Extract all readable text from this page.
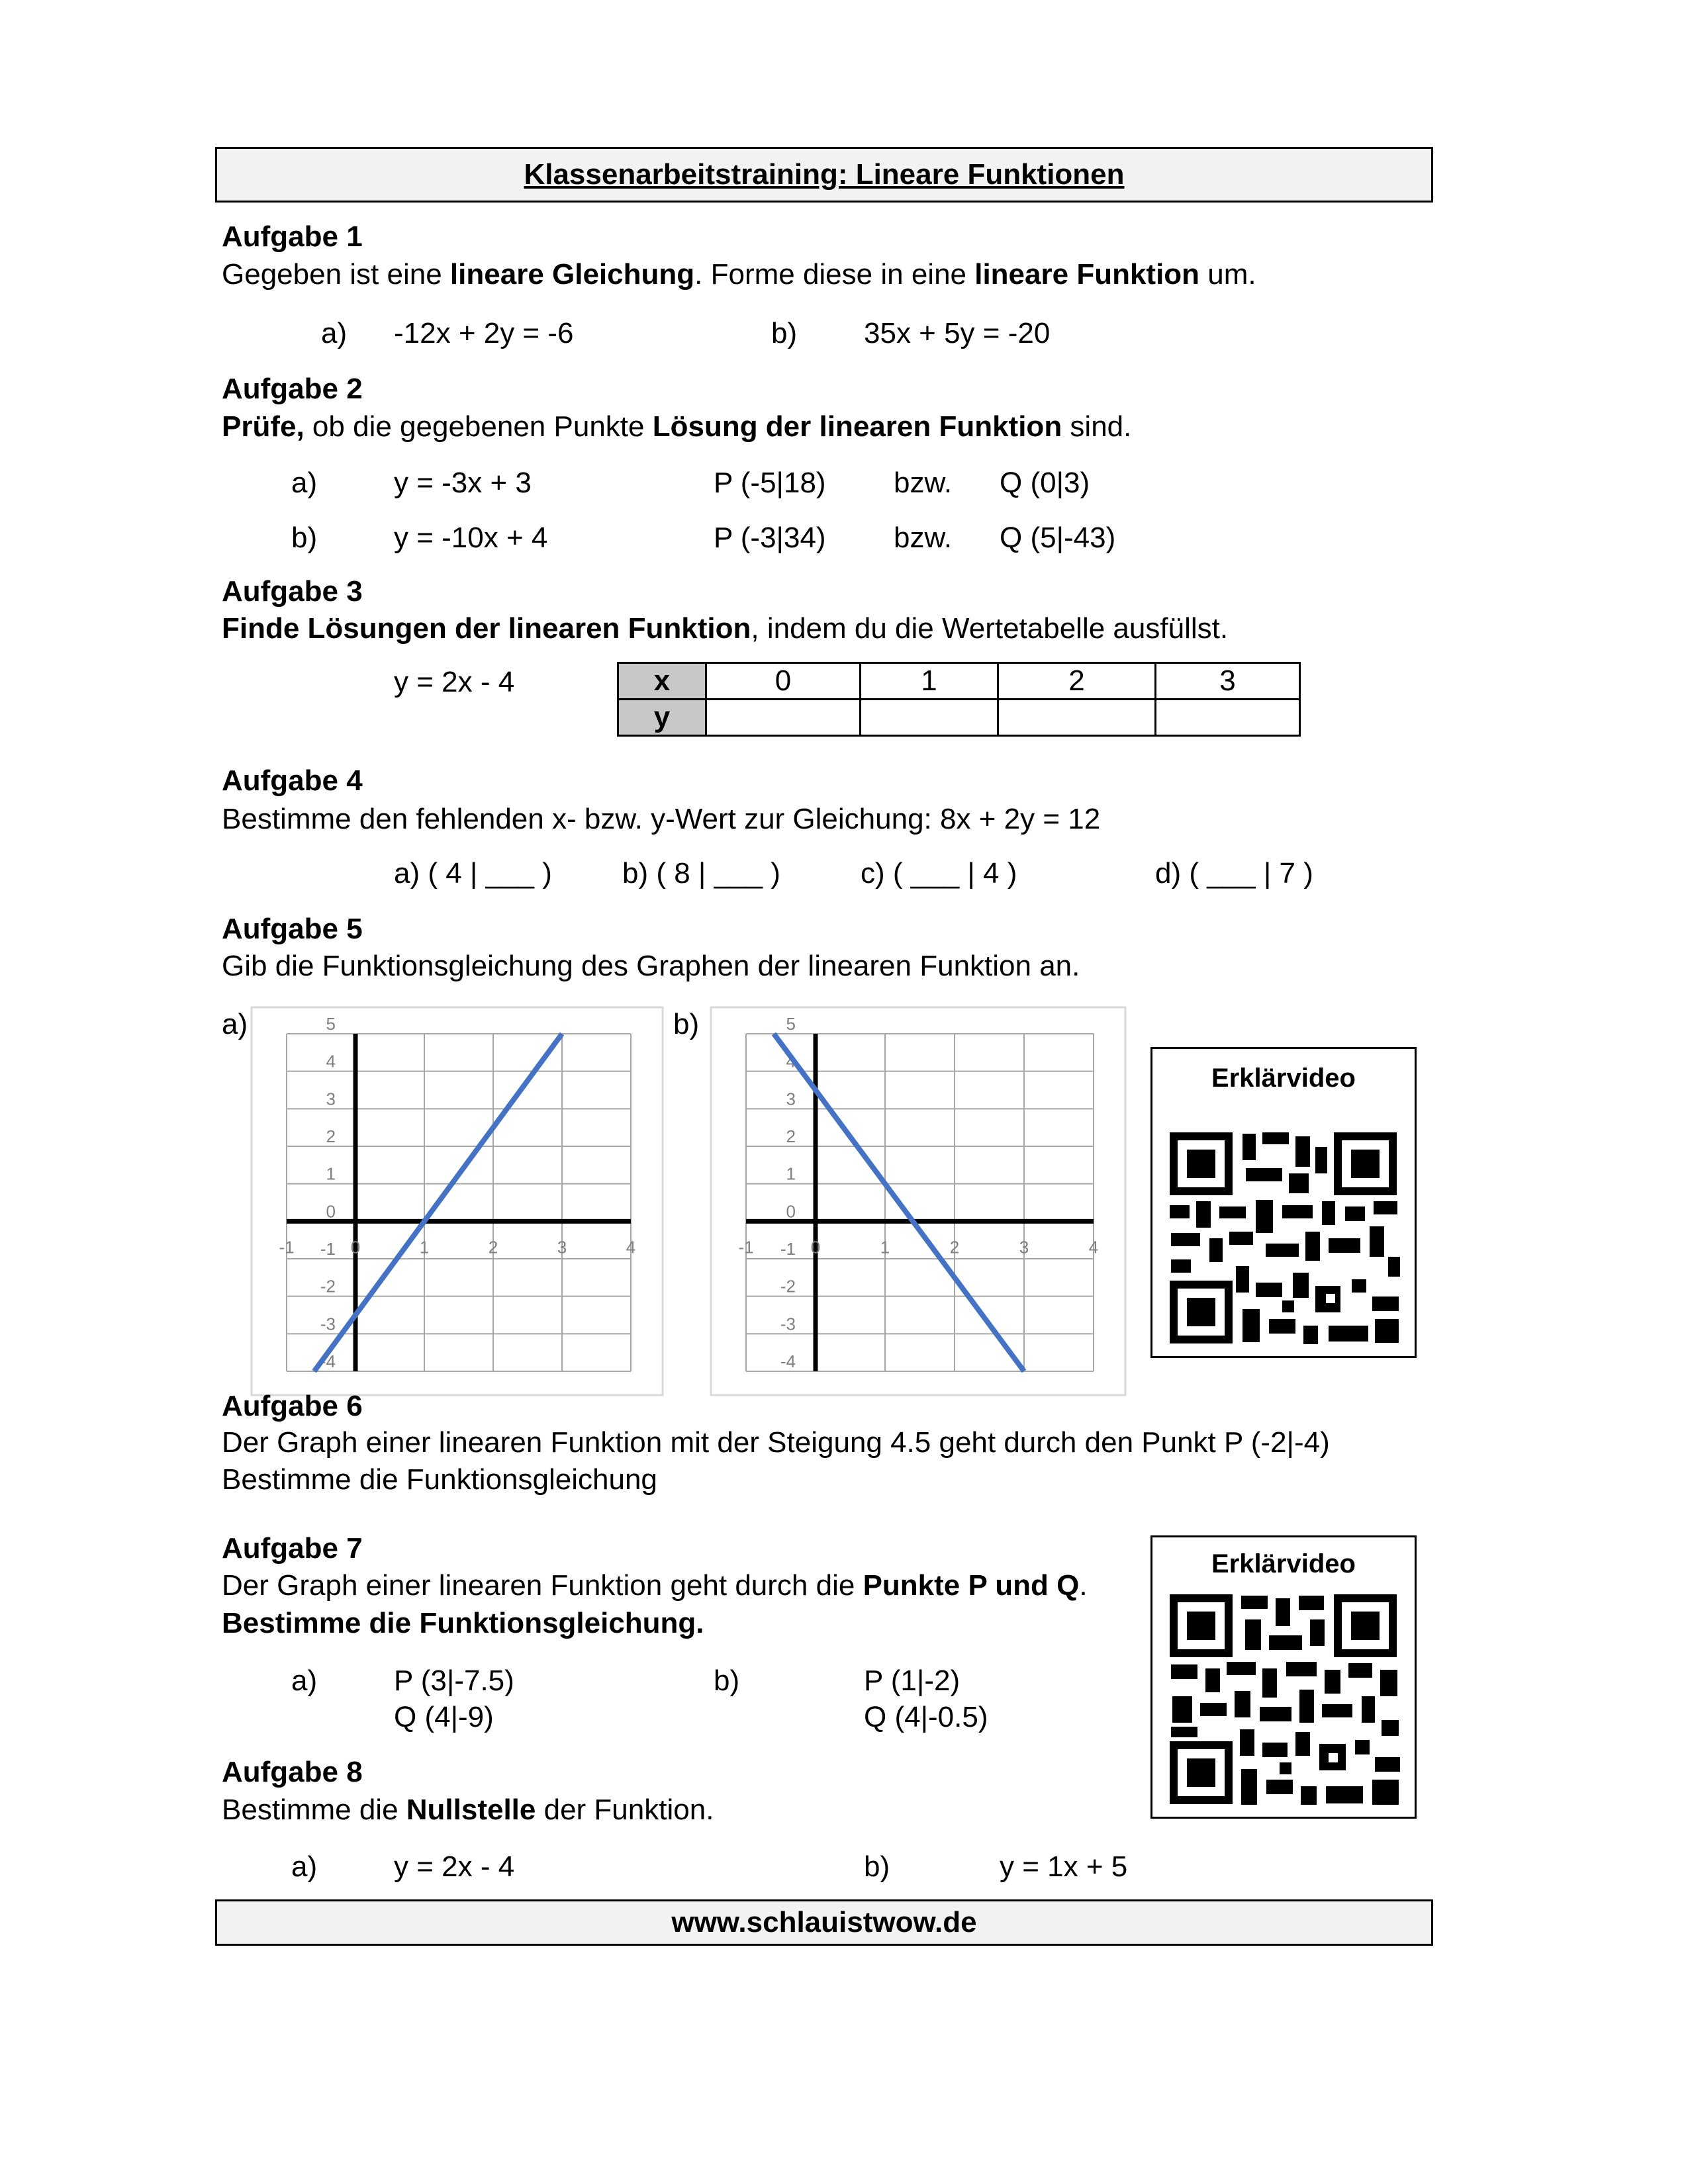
Klassenarbeitstraining: Lineare Funktionen
Aufgabe 1
Gegeben ist eine lineare Gleichung. Forme diese in eine lineare Funktion um.
a) -12x + 2y = -6	b) 35x + 5y = -20
Aufgabe 2
Prüfe, ob die gegebenen Punkte Lösung der linearen Funktion sind.
a)	y = -3x + 3	P (-5|18) bzw. Q (0|3)
b)	y = -10x + 4	P (-3|34) bzw. Q (5|-43)
Aufgabe 3
Finde Lösungen der linearen Funktion, indem du die Wertetabelle ausfüllst.
y = 2x - 4	x	0	1	2	3
y				
Aufgabe 4
Bestimme den fehlenden x- bzw. y-Wert zur Gleichung: 8x + 2y = 12
a) ( 4 | ___ ) b) ( 8 | ___ )	c) ( ___ | 4 )	d) ( ___ | 7 )
Aufgabe 5
Gib die Funktionsgleichung des Graphen der linearen Funktion an.
a)	b)
-1	0	1	2	3	4
5
4
3
2
1
0
-1
-2
-3
-4
-1	0	1	2	3	4
5
4
3
2
1
0
-1
-2
-3
-4
Erklärvideo
Aufgabe 6
Der Graph einer linearen Funktion mit der Steigung 4.5 geht durch den Punkt P (-2|-4)
Bestimme die Funktionsgleichung
Erklärvideo
Aufgabe 7
Der Graph einer linearen Funktion geht durch die Punkte P und Q.
Bestimme die Funktionsgleichung.
a)	P (3|-7.5)
Q (4|-9)
b)	P (1|-2)
Q (4|-0.5)
Aufgabe 8
Bestimme die Nullstelle der Funktion.
a)	y = 2x - 4	b)	y = 1x + 5
www.schlauistwow.de
